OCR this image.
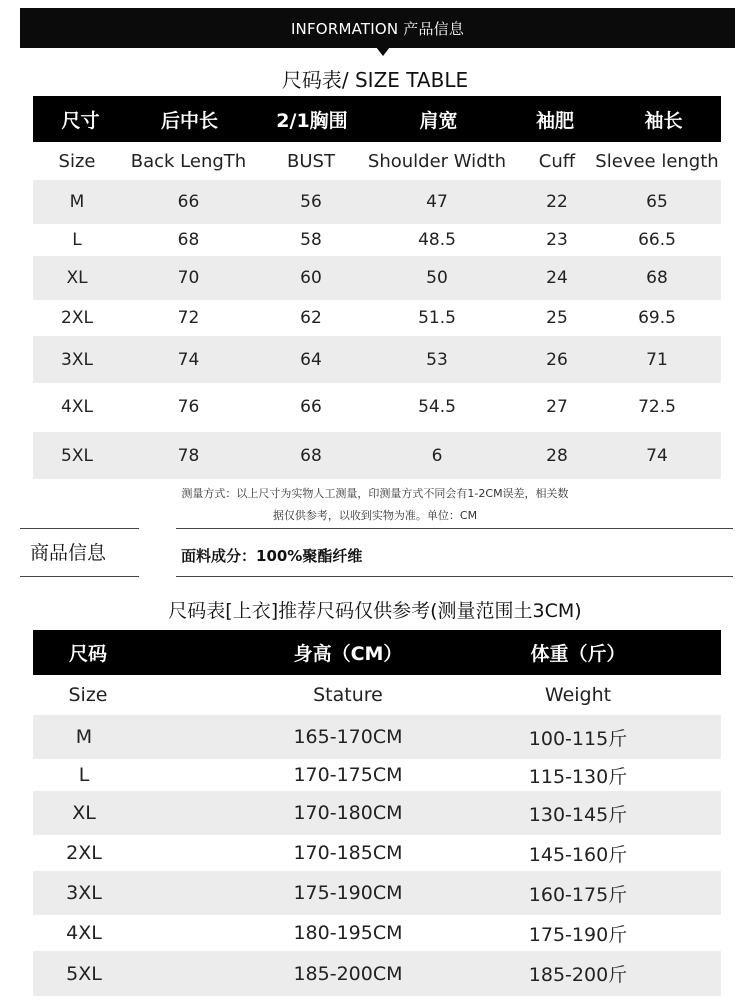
INFORMATION 产品信息
尺码表/ SIZE TABLE
尺寸	后中长	2/1胸围	肩宽	袖肥	袖长
Size	Back LengTh	BUST	Shoulder Width	Cuff	Slevee length
M	66	56	47	22	65
L	68	58	48.5	23	66.5
XL	70	60	50	24	68
2XL	72	62	51.5	25	69.5
3XL	74	64	53	26	71
4XL	76	66	54.5	27	72.5
5XL	78	68	6	28	74
测量方式：以上尺寸为实物人工测量，印测量方式不同会有1-2CM误差，相关数
据仅供参考，以收到实物为准。单位：CM
商品信息	面料成分：100%聚酯纤维
尺码表[上衣]推荐尺码仅供参考(测量范围土3CM)
尺码	身高（CM）	体重（斤）
Size	Stature	Weight
M	165-170CM	100-115斤
L	170-175CM	115-130斤
XL	170-180CM	130-145斤
2XL	170-185CM	145-160斤
3XL	175-190CM	160-175斤
4XL	180-195CM	175-190斤
5XL	185-200CM	185-200斤
